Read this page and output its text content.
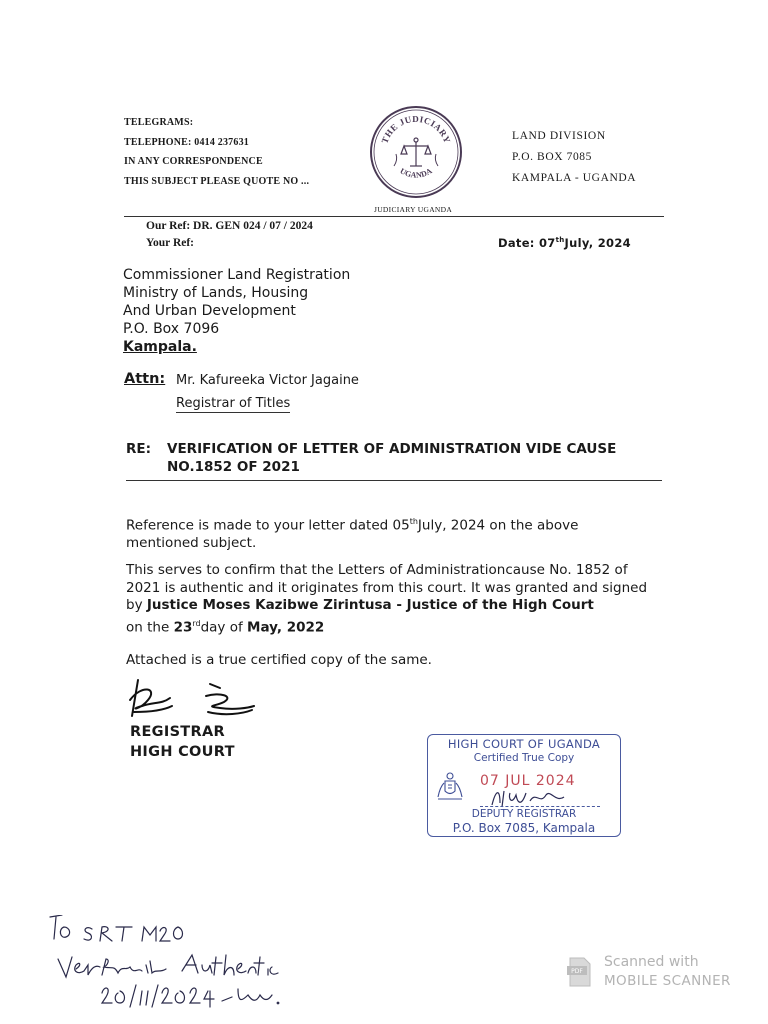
TELEGRAMS:
TELEPHONE: 0414 237631
IN ANY CORRESPONDENCE
THIS SUBJECT PLEASE QUOTE NO ...
THE JUDICIARY
UGANDA
JUDICIARY UGANDA
LAND DIVISION
P.O. BOX 7085
KAMPALA - UGANDA
Our Ref: DR. GEN 024 / 07 / 2024
Your Ref:	Date: 07thJuly, 2024
Commissioner Land Registration
Ministry of Lands, Housing
And Urban Development
P.O. Box 7096
Kampala.
Attn: Mr. Kafureeka Victor Jagaine
Registrar of Titles
RE: VERIFICATION OF LETTER OF ADMINISTRATION VIDE CAUSE
NO.1852 OF 2021
Reference is made to your letter dated 05thJuly, 2024 on the above
mentioned subject.
This serves to confirm that the Letters of Administrationcause No. 1852 of
2021 is authentic and it originates from this court. It was granted and signed
by Justice Moses Kazibwe Zirintusa - Justice of the High Court
on the 23rdday of May, 2022
Attached is a true certified copy of the same.
REGISTRAR
HIGH COURT	HIGH COURT OF UGANDA
Certified True Copy
07 JUL 2024
DEPUTY REGISTRAR
P.O. Box 7085, Kampala
PDF
Scanned with
MOBILE SCANNER
